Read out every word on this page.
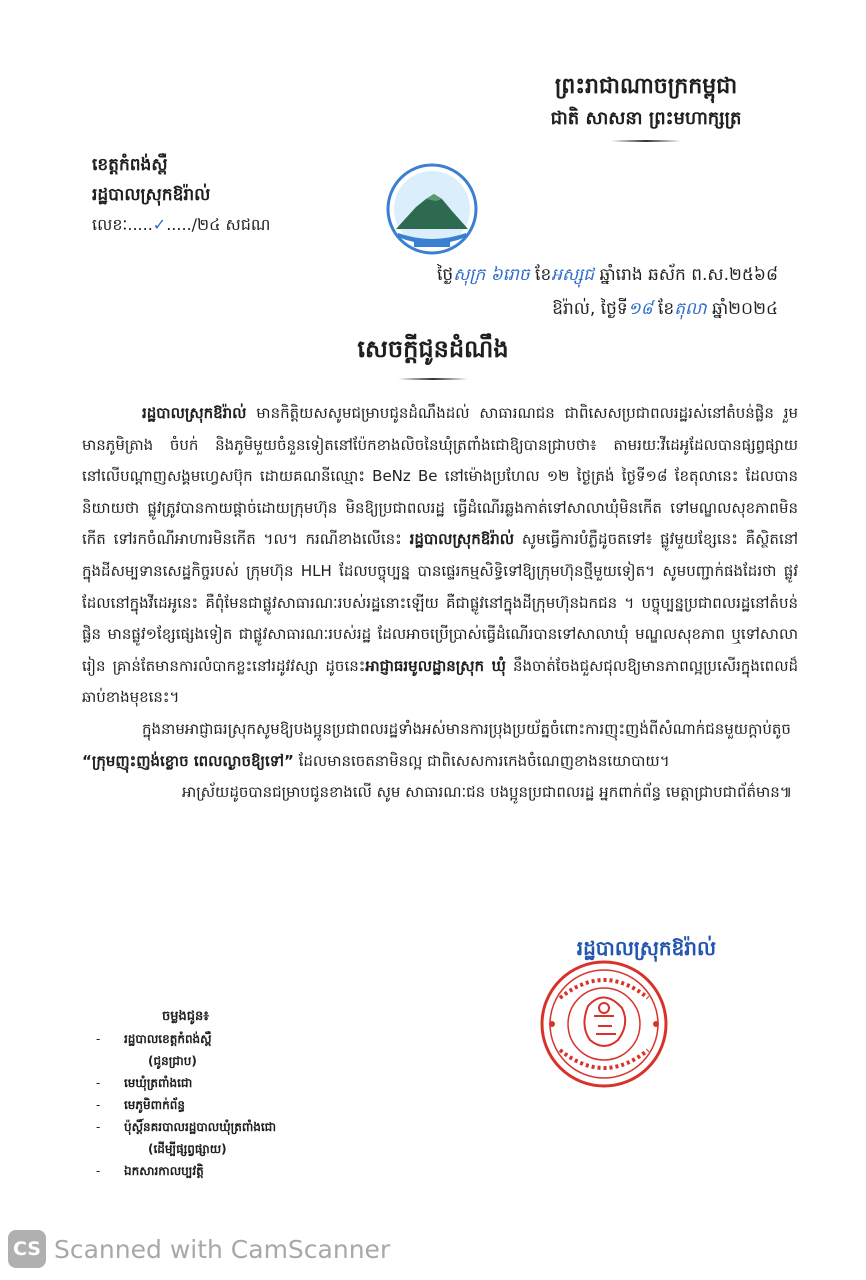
ព្រះរាជាណាចក្រកម្ពុជា
ជាតិ សាសនា ព្រះមហាក្សត្រ
ខេត្តកំពង់ស្ពឺ
រដ្ឋបាលស្រុកឱរ៉ាល់
លេខៈ.....✓...../២៤ សជណ
ថ្ងៃសុក្រ ៦រោច ខែអស្សុជ ឆ្នាំរោង ឆស័ក ព.ស.២៥៦៨
ឱរ៉ាល់, ថ្ងៃទី១៨ ខែតុលា ឆ្នាំ២០២៤
សេចក្តីជូនដំណឹង

រដ្ឋបាលស្រុកឱរ៉ាល់ មានកិត្តិយសសូមជម្រាបជូនដំណឹងដល់ សាធារណជន ជាពិសេសប្រជាពលរដ្ឋរស់នៅតំបន់ផ្លិន រួមមានភូមិត្រាង ចំបក់ និងភូមិមួយចំនួនទៀតនៅប៉ែកខាងលិចនៃឃុំត្រពាំងជោឱ្យបានជ្រាបថា៖ តាមរយៈវីដេអូដែលបានផ្សព្វផ្សាយនៅលើបណ្តាញសង្គមហ្វេសប៊ុក ដោយគណនីឈ្មោះ BeNz Be នៅម៉ោងប្រហែល ១២ ថ្ងៃត្រង់ ថ្ងៃទី១៨ ខែតុលានេះ ដែលបាននិយាយថា ផ្លូវត្រូវបានកាយផ្តាច់ដោយក្រុមហ៊ុន មិនឱ្យប្រជាពលរដ្ឋ ធ្វើដំណើរឆ្លងកាត់ទៅសាលាឃុំមិនកើត ទៅមណ្ឌលសុខភាពមិនកើត ទៅរកចំណីអាហារមិនកើត ។ល។ ករណីខាងលើនេះ រដ្ឋបាលស្រុកឱរ៉ាល់ សូមធ្វើការបំភ្លឺដូចតទៅ៖ ផ្លូវមួយខ្សែនេះ គឺស្ថិតនៅក្នុងដីសម្បទានសេដ្ឋកិច្ចរបស់ ក្រុមហ៊ុន HLH ដែលបច្ចុប្បន្ន បានផ្ទេរកម្មសិទ្ធិទៅឱ្យក្រុមហ៊ុនថ្មីមួយទៀត។ សូមបញ្ជាក់ផងដែរថា ផ្លូវដែលនៅក្នុងវីដេអូនេះ គឺពុំមែនជាផ្លូវសាធារណៈរបស់រដ្ឋនោះឡើយ គឺជាផ្លូវនៅក្នុងដីក្រុមហ៊ុនឯកជន ។ បច្ចុប្បន្នប្រជាពលរដ្ឋនៅតំបន់ផ្លិន មានផ្លូវ១ខ្សែផ្សេងទៀត ជាផ្លូវសាធារណៈរបស់រដ្ឋ ដែលអាចប្រើប្រាស់ធ្វើដំណើរបានទៅសាលាឃុំ មណ្ឌលសុខភាព ឬទៅសាលារៀន គ្រាន់តែមានការលំបាកខ្លះនៅរដូវវស្សា ដូចនេះអាជ្ញាធរមូលដ្ឋានស្រុក ឃុំ នឹងចាត់ចែងជួសជុលឱ្យមានភាពល្អប្រសើរក្នុងពេលដ៏ឆាប់ខាងមុខនេះ។

ក្នុងនាមអាជ្ញាធរស្រុកសូមឱ្យបងប្អូនប្រជាពលរដ្ឋទាំងអស់មានការប្រុងប្រយ័ត្នចំពោះការញុះញង់ពីសំណាក់ជនមួយក្តាប់តូច “ក្រុមញុះញង់ខ្លោច ពេលល្ងាចឱ្យទៅ” ដែលមានចេតនាមិនល្អ ជាពិសេសការកេងចំណេញខាងនយោបាយ។

អាស្រ័យដូចបានជម្រាបជូនខាងលើ សូម សាធារណៈជន បងប្អូនប្រជាពលរដ្ឋ អ្នកពាក់ព័ន្ធ មេត្តាជ្រាបជាព័ត៌មាន៕

រដ្ឋបាលស្រុកឱរ៉ាល់
ចម្លងជូន៖
- រដ្ឋបាលខេត្តកំពង់ស្ពឺ
(ជូនជ្រាប)
- មេឃុំត្រពាំងជោ
- មេភូមិពាក់ព័ន្ធ
- ប៉ុស្តិ៍នគរបាលរដ្ឋបាលឃុំត្រពាំងជោ
(ដើម្បីផ្សព្វផ្សាយ)
- ឯកសារកាលប្បវត្តិ
CS Scanned with CamScanner
